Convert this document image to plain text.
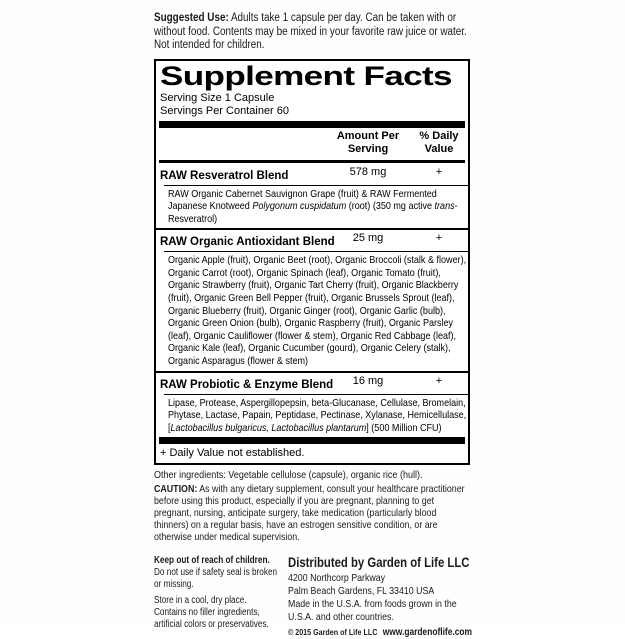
Suggested Use: Adults take 1 capsule per day. Can be taken with or without food. Contents may be mixed in your favorite raw juice or water. Not intended for children.

Supplement Facts
Serving Size 1 Capsule
Servings Per Container 60
Amount Per Serving
% Daily Value
RAW Resveratrol Blend	578 mg	+

RAW Organic Cabernet Sauvignon Grape (fruit) & RAW Fermented Japanese Knotweed Polygonum cuspidatum (root) (350 mg active trans-Resveratrol)

RAW Organic Antioxidant Blend	25 mg	+

Organic Apple (fruit), Organic Beet (root), Organic Broccoli (stalk & flower), Organic Carrot (root), Organic Spinach (leaf), Organic Tomato (fruit), Organic Strawberry (fruit), Organic Tart Cherry (fruit), Organic Blackberry (fruit), Organic Green Bell Pepper (fruit), Organic Brussels Sprout (leaf), Organic Blueberry (fruit), Organic Ginger (root), Organic Garlic (bulb), Organic Green Onion (bulb), Organic Raspberry (fruit), Organic Parsley (leaf), Organic Cauliflower (flower & stem), Organic Red Cabbage (leaf), Organic Kale (leaf), Organic Cucumber (gourd), Organic Celery (stalk), Organic Asparagus (flower & stem)

RAW Probiotic & Enzyme Blend	16 mg	+

Lipase, Protease, Aspergillopepsin, beta-Glucanase, Cellulase, Bromelain, Phytase, Lactase, Papain, Peptidase, Pectinase, Xylanase, Hemicellulase, [Lactobacillus bulgaricus, Lactobacillus plantarum] (500 Million CFU)

+ Daily Value not established.

Other ingredients: Vegetable cellulose (capsule), organic rice (hull).

CAUTION: As with any dietary supplement, consult your healthcare practitioner before using this product, especially if you are pregnant, planning to get pregnant, nursing, anticipate surgery, take medication (particularly blood thinners) on a regular basis, have an estrogen sensitive condition, or are otherwise under medical supervision.

Keep out of reach of children.

Do not use if safety seal is broken or missing.

Store in a cool, dry place.

Contains no filler ingredients, artificial colors or preservatives.

Distributed by Garden of Life LLC

4200 Northcorp Parkway

Palm Beach Gardens, FL 33410 USA

Made in the U.S.A. from foods grown in the U.S.A. and other countries.

© 2015 Garden of Life LLC www.gardenoflife.com
